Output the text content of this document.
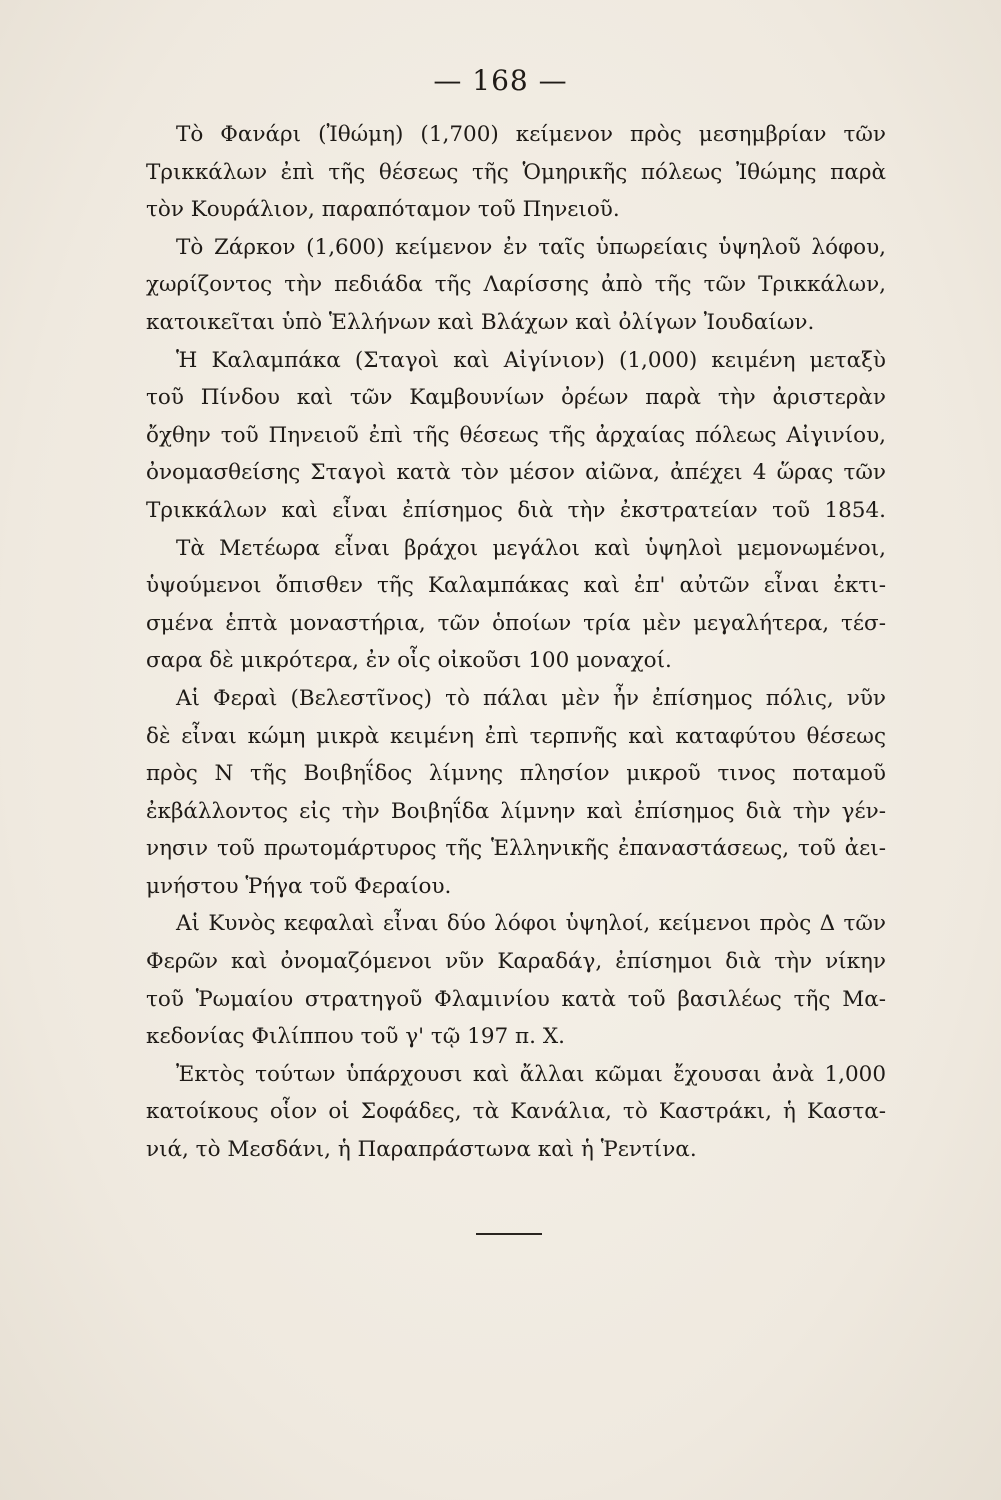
— 168 —
Τὸ Φανάρι (Ἰθώμη) (1,700) κείμενον πρὸς μεσημβρίαν τῶν
Τρικκάλων ἐπὶ τῆς θέσεως τῆς Ὁμηρικῆς πόλεως Ἰθώμης παρὰ
τὸν Κουράλιον, παραπόταμον τοῦ Πηνειοῦ.
Τὸ Ζάρκον (1,600) κείμενον ἐν ταῖς ὑπωρείαις ὑψηλοῦ λόφου,
χωρίζοντος τὴν πεδιάδα τῆς Λαρίσσης ἀπὸ τῆς τῶν Τρικκάλων,
κατοικεῖται ὑπὸ Ἑλλήνων καὶ Βλάχων καὶ ὀλίγων Ἰουδαίων.
Ἡ Καλαμπάκα (Σταγοὶ καὶ Αἰγίνιον) (1,000) κειμένη μεταξὺ
τοῦ Πίνδου καὶ τῶν Καμβουνίων ὀρέων παρὰ τὴν ἀριστερὰν
ὄχθην τοῦ Πηνειοῦ ἐπὶ τῆς θέσεως τῆς ἀρχαίας πόλεως Αἰγινίου,
ὀνομασθείσης Σταγοὶ κατὰ τὸν μέσον αἰῶνα, ἀπέχει 4 ὥρας τῶν
Τρικκάλων καὶ εἶναι ἐπίσημος διὰ τὴν ἐκστρατείαν τοῦ 1854.
Τὰ Μετέωρα εἶναι βράχοι μεγάλοι καὶ ὑψηλοὶ μεμονωμένοι,
ὑψούμενοι ὄπισθεν τῆς Καλαμπάκας καὶ ἐπ' αὐτῶν εἶναι ἐκτι-
σμένα ἑπτὰ μοναστήρια, τῶν ὁποίων τρία μὲν μεγαλήτερα, τέσ-
σαρα δὲ μικρότερα, ἐν οἷς οἰκοῦσι 100 μοναχοί.
Αἱ Φεραὶ (Βελεστῖνος) τὸ πάλαι μὲν ἦν ἐπίσημος πόλις, νῦν
δὲ εἶναι κώμη μικρὰ κειμένη ἐπὶ τερπνῆς καὶ καταφύτου θέσεως
πρὸς Ν τῆς Βοιβηΐδος λίμνης πλησίον μικροῦ τινος ποταμοῦ
ἐκβάλλοντος εἰς τὴν Βοιβηΐδα λίμνην καὶ ἐπίσημος διὰ τὴν γέν-
νησιν τοῦ πρωτομάρτυρος τῆς Ἑλληνικῆς ἐπαναστάσεως, τοῦ ἀει-
μνήστου Ῥήγα τοῦ Φεραίου.
Αἱ Κυνὸς κεφαλαὶ εἶναι δύο λόφοι ὑψηλοί, κείμενοι πρὸς Δ τῶν
Φερῶν καὶ ὀνομαζόμενοι νῦν Καραδάγ, ἐπίσημοι διὰ τὴν νίκην
τοῦ Ῥωμαίου στρατηγοῦ Φλαμινίου κατὰ τοῦ βασιλέως τῆς Μα-
κεδονίας Φιλίππου τοῦ γ' τῷ 197 π. Χ.
Ἐκτὸς τούτων ὑπάρχουσι καὶ ἄλλαι κῶμαι ἔχουσαι ἀνὰ 1,000
κατοίκους οἷον οἱ Σοφάδες, τὰ Κανάλια, τὸ Καστράκι, ἡ Καστα-
νιά, τὸ Μεσδάνι, ἡ Παραπράστωνα καὶ ἡ Ῥεντίνα.
